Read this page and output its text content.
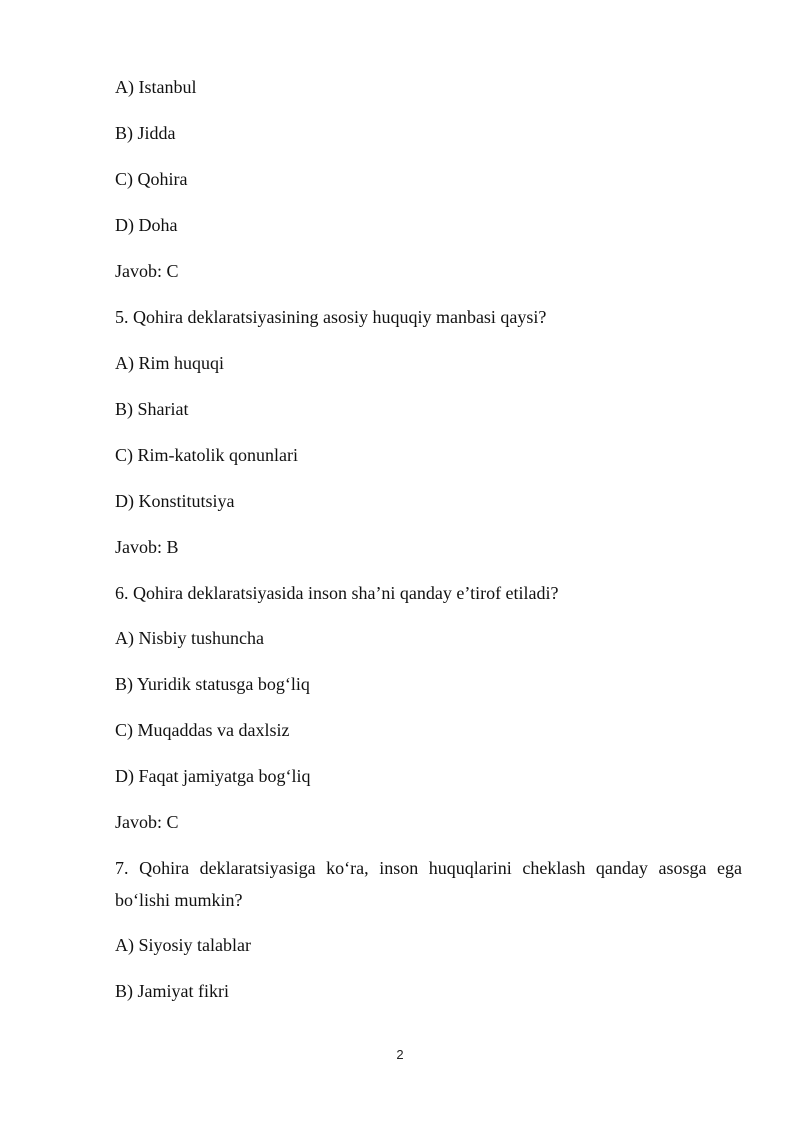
A) Istanbul
B) Jidda
C) Qohira
D) Doha
Javob: C
5. Qohira deklaratsiyasining asosiy huquqiy manbasi qaysi?
A) Rim huquqi
B) Shariat
C) Rim-katolik qonunlari
D) Konstitutsiya
Javob: B
6. Qohira deklaratsiyasida inson sha’ni qanday e’tirof etiladi?
A) Nisbiy tushuncha
B) Yuridik statusga bog‘liq
C) Muqaddas va daxlsiz
D) Faqat jamiyatga bog‘liq
Javob: C
7. Qohira deklaratsiyasiga ko‘ra, inson huquqlarini cheklash qanday asosga ega bo‘lishi mumkin?
A) Siyosiy talablar
B) Jamiyat fikri
2
